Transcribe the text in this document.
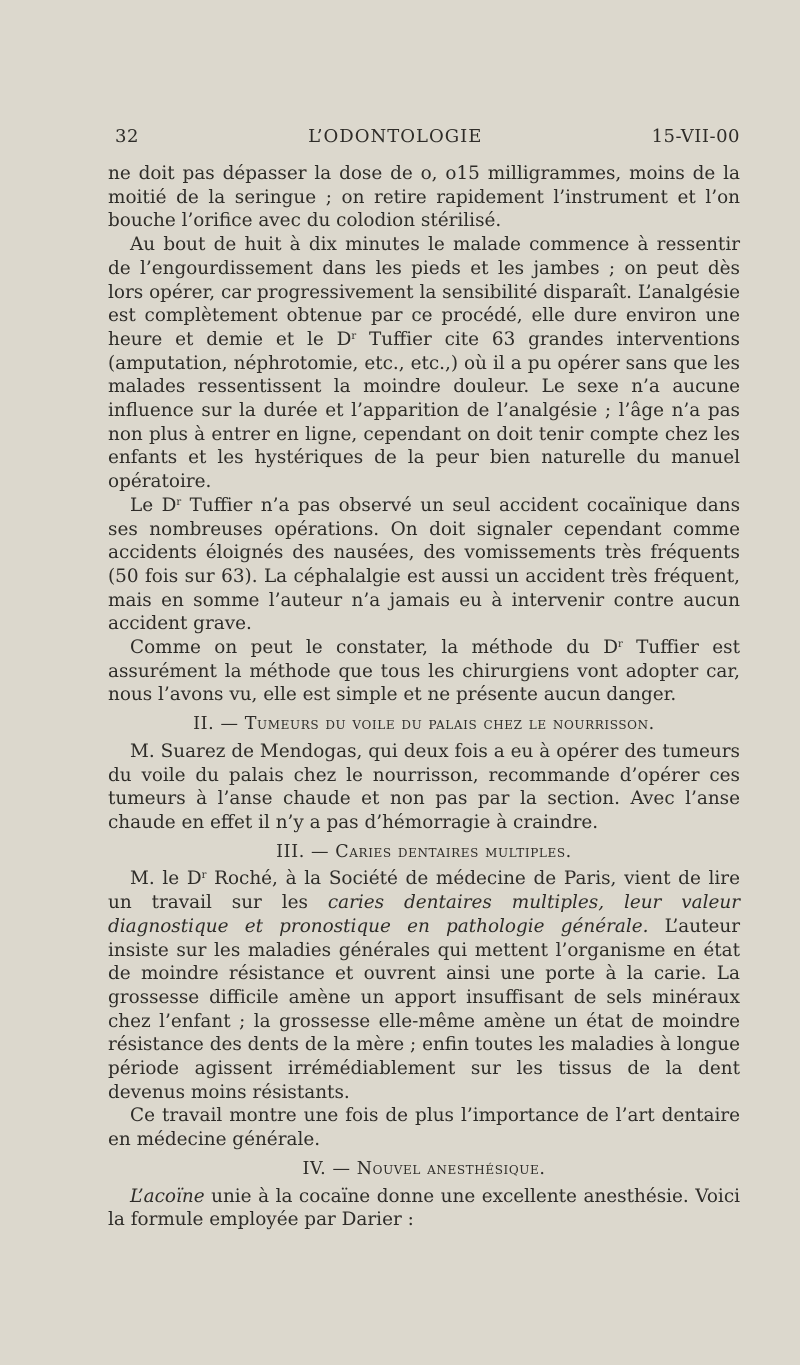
32	L’ODONTOLOGIE	15-VII-00

ne doit pas dépasser la dose de o, o15 milligrammes, moins de la moitié de la seringue ; on retire rapidement l’instrument et l’on bouche l’orifice avec du colodion stérilisé.

Au bout de huit à dix minutes le malade commence à ressentir de l’engourdissement dans les pieds et les jambes ; on peut dès lors opérer, car progressivement la sensibilité disparaît. L’analgésie est complètement obtenue par ce procédé, elle dure environ une heure et demie et le $D^r$ Tuffier cite 63 grandes interventions (amputation, néphrotomie, etc., etc.,) où il a pu opérer sans que les malades ressentissent la moindre douleur. Le sexe n’a aucune influence sur la durée et l’apparition de l’analgésie ; l’âge n’a pas non plus à entrer en ligne, cependant on doit tenir compte chez les enfants et les hystériques de la peur bien naturelle du manuel opératoire.

Le $D^r$ Tuffier n’a pas observé un seul accident cocaïnique dans ses nombreuses opérations. On doit signaler cependant comme accidents éloignés des nausées, des vomissements très fréquents (50 fois sur 63). La céphalalgie est aussi un accident très fréquent, mais en somme l’auteur n’a jamais eu à intervenir contre aucun accident grave.

Comme on peut le constater, la méthode du $D^r$ Tuffier est assurément la méthode que tous les chirurgiens vont adopter car, nous l’avons vu, elle est simple et ne présente aucun danger.

II. — Tumeurs du voile du palais chez le nourrisson.

M. Suarez de Mendogas, qui deux fois a eu à opérer des tumeurs du voile du palais chez le nourrisson, recommande d’opérer ces tumeurs à l’anse chaude et non pas par la section. Avec l’anse chaude en effet il n’y a pas d’hémorragie à craindre.

III. — Caries dentaires multiples.

M. le $D^r$ Roché, à la Société de médecine de Paris, vient de lire un travail sur les caries dentaires multiples, leur valeur diagnostique et pronostique en pathologie générale. L’auteur insiste sur les maladies générales qui mettent l’organisme en état de moindre résistance et ouvrent ainsi une porte à la carie. La grossesse difficile amène un apport insuffisant de sels minéraux chez l’enfant ; la grossesse elle-même amène un état de moindre résistance des dents de la mère ; enfin toutes les maladies à longue période agissent irrémédiablement sur les tissus de la dent devenus moins résistants.

Ce travail montre une fois de plus l’importance de l’art dentaire en médecine générale.

IV. — Nouvel anesthésique.

L’acoïne unie à la cocaïne donne une excellente anesthésie. Voici la formule employée par Darier :
